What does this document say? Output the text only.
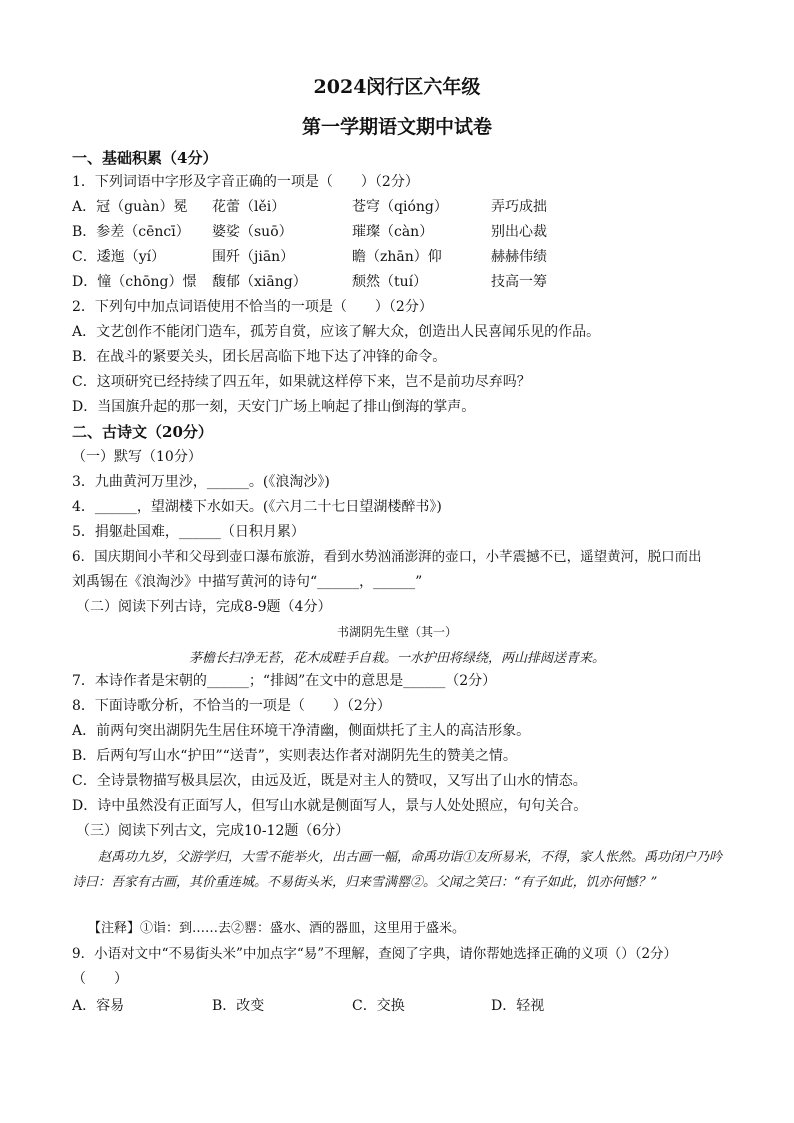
2024闵行区六年级
第一学期语文期中试卷
一、基础积累（4分）
1．下列词语中字形及字音正确的一项是（　　）（2分）
A．冠（guàn）冕 花蕾（lěi）	苍穹（qióng）	弄巧成拙
B．参差（cēncī） 婆娑（suō）	璀璨（càn）	别出心裁
C．逶迤（yí）	围歼（jiān）	瞻（zhān）仰	赫赫伟绩
D．憧（chōng）憬 馥郁（xiāng）	颓然（tuí）	技高一筹
2．下列句中加点词语使用不恰当的一项是（　　）（2分）
A．文艺创作不能闭门造车，孤芳自赏，应该了解大众，创造出人民喜闻乐见的作品。
B．在战斗的紧要关头，团长居高临下地下达了冲锋的命令。
C．这项研究已经持续了四五年，如果就这样停下来，岂不是前功尽弃吗？
D．当国旗升起的那一刻，天安门广场上响起了排山倒海的掌声。
二、古诗文（20分）
（一）默写（10分）
3．九曲黄河万里沙，______。(《浪淘沙》)
4．______，望湖楼下水如天。(《六月二十七日望湖楼醉书》)
5．捐躯赴国难，______（日积月累）
6．国庆期间小芊和父母到壶口瀑布旅游，看到水势汹涌澎湃的壶口，小芊震撼不已，遥望黄河，脱口而出
刘禹锡在《浪淘沙》中描写黄河的诗句“______，______”
（二）阅读下列古诗，完成8-9题（4分）
书湖阴先生壁（其一）
茅檐长扫净无苔，花木成畦手自栽。一水护田将绿绕，两山排闼送青来。
7．本诗作者是宋朝的______；“排闼”在文中的意思是______（2分）
8．下面诗歌分析，不恰当的一项是（　　）（2分）
A．前两句突出湖阴先生居住环境干净清幽，侧面烘托了主人的高洁形象。
B．后两句写山水“护田”“送青”，实则表达作者对湖阴先生的赞美之情。
C．全诗景物描写极具层次，由远及近，既是对主人的赞叹，又写出了山水的情态。
D．诗中虽然没有正面写人，但写山水就是侧面写人，景与人处处照应，句句关合。
（三）阅读下列古文，完成10-12题（6分）
赵禹功九岁，父游学归，大雪不能举火，出古画一幅，命禹功诣①友所易米，不得，家人怅然。禹功闭户乃吟诗曰：吾家有古画，其价重连城。不易街头米，归来雪满罂②。父闻之笑曰：“有子如此，饥亦何憾？”
【注释】①诣：到……去②罂：盛水、酒的器皿，这里用于盛米。
9．小语对文中“不易街头米”中加点字“易”不理解，查阅了字典，请你帮她选择正确的义项（）（2分）
（　　）
A．容易	B．改变	C．交换	D．轻视
